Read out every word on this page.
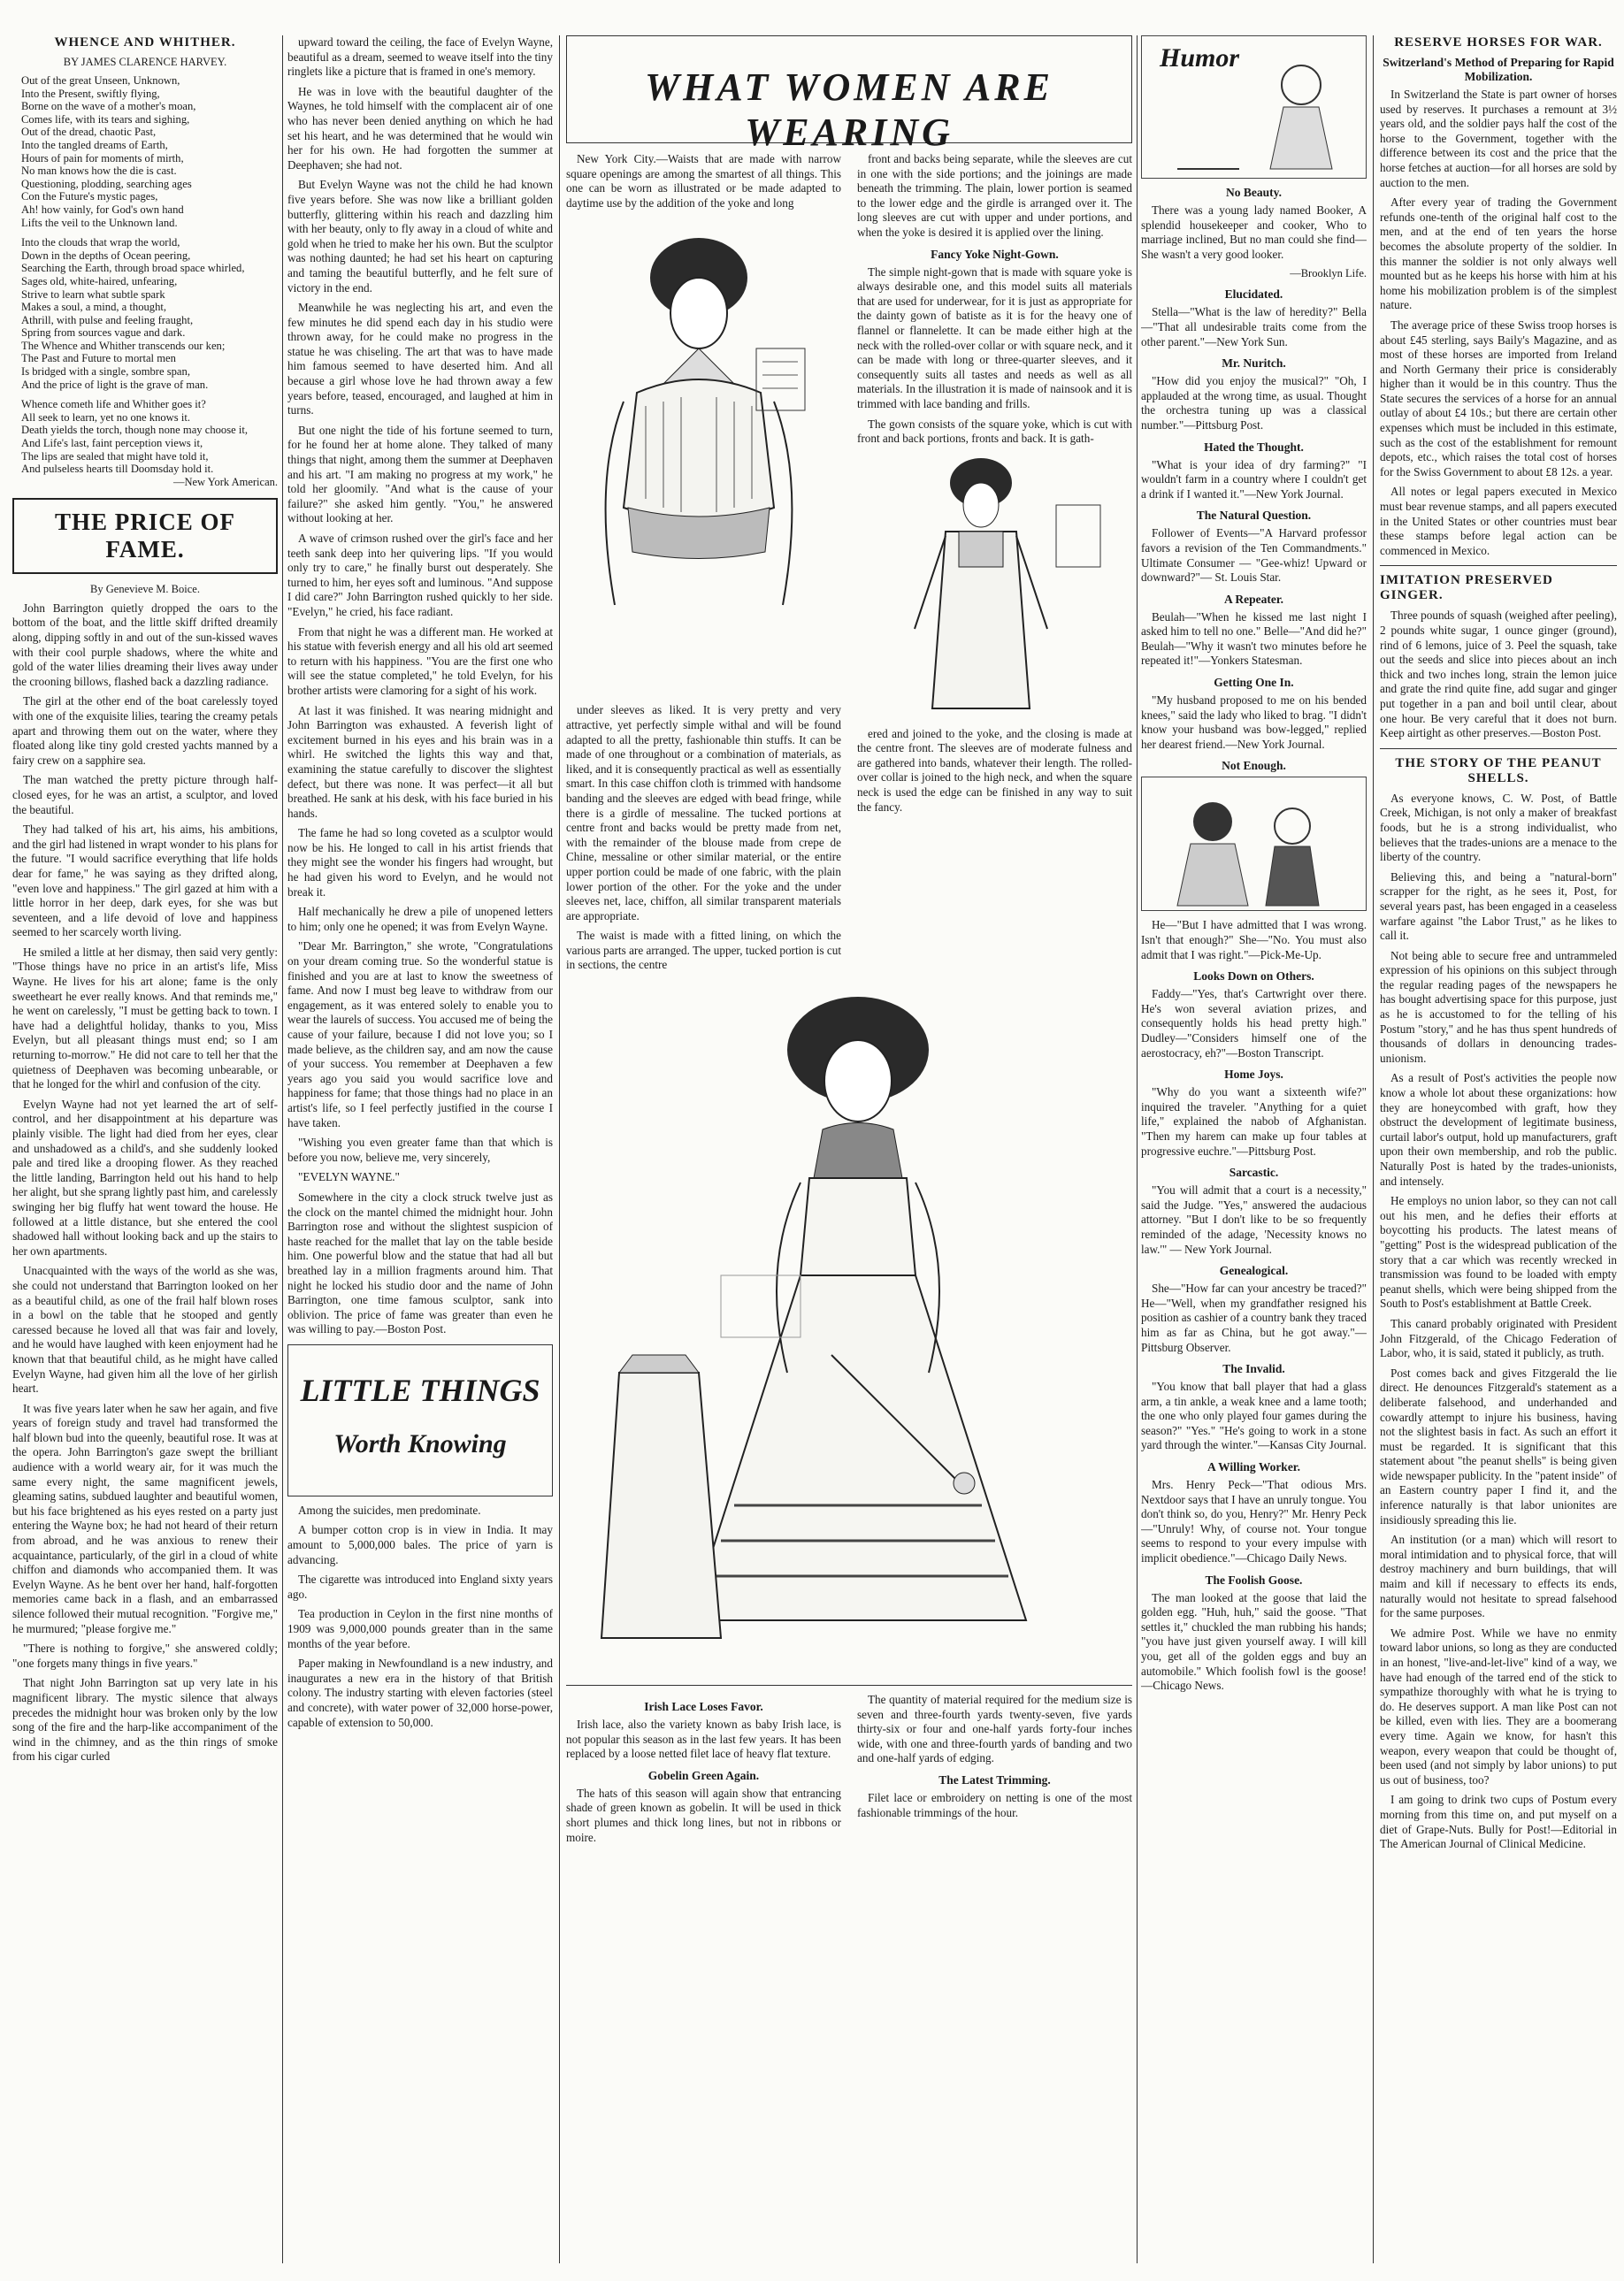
WHENCE AND WHITHER.
BY JAMES CLARENCE HARVEY.

Out of the great Unseen, Unknown,

Into the Present, swiftly flying,

Borne on the wave of a mother's moan,

Comes life, with its tears and sighing,

Out of the dread, chaotic Past,

Into the tangled dreams of Earth,

Hours of pain for moments of mirth,

No man knows how the die is cast.

Questioning, plodding, searching ages

Con the Future's mystic pages,

Ah! how vainly, for God's own hand

Lifts the veil to the Unknown land.

Into the clouds that wrap the world,

Down in the depths of Ocean peering,

Searching the Earth, through broad space whirled,

Sages old, white-haired, unfearing,

Strive to learn what subtle spark

Makes a soul, a mind, a thought,

Athrill, with pulse and feeling fraught,

Spring from sources vague and dark.

The Whence and Whither transcends our ken;

The Past and Future to mortal men

Is bridged with a single, sombre span,

And the price of light is the grave of man.

Whence cometh life and Whither goes it?

All seek to learn, yet no one knows it.

Death yields the torch, though none may choose it,

And Life's last, faint perception views it,

The lips are sealed that might have told it,

And pulseless hearts till Doomsday hold it.

—New York American.
THE PRICE OF FAME.
By Genevieve M. Boice.

John Barrington quietly dropped the oars to the bottom of the boat, and the little skiff drifted dreamily along, dipping softly in and out of the sun-kissed waves with their cool purple shadows, where the white and gold of the water lilies dreaming their lives away under the crooning billows, flashed back a dazzling radiance.

The girl at the other end of the boat carelessly toyed with one of the exquisite lilies, tearing the creamy petals apart and throwing them out on the water, where they floated along like tiny gold crested yachts manned by a fairy crew on a sapphire sea.

The man watched the pretty picture through half-closed eyes, for he was an artist, a sculptor, and loved the beautiful.

They had talked of his art, his aims, his ambitions, and the girl had listened in wrapt wonder to his plans for the future. "I would sacrifice everything that life holds dear for fame," he was saying as they drifted along, "even love and happiness." The girl gazed at him with a little horror in her deep, dark eyes, for she was but seventeen, and a life devoid of love and happiness seemed to her scarcely worth living.

He smiled a little at her dismay, then said very gently: "Those things have no price in an artist's life, Miss Wayne. He lives for his art alone; fame is the only sweetheart he ever really knows. And that reminds me," he went on carelessly, "I must be getting back to town. I have had a delightful holiday, thanks to you, Miss Evelyn, but all pleasant things must end; so I am returning to-morrow." He did not care to tell her that the quietness of Deephaven was becoming unbearable, or that he longed for the whirl and confusion of the city.

Evelyn Wayne had not yet learned the art of self-control, and her disappointment at his departure was plainly visible. The light had died from her eyes, clear and unshadowed as a child's, and she suddenly looked pale and tired like a drooping flower. As they reached the little landing, Barrington held out his hand to help her alight, but she sprang lightly past him, and carelessly swinging her big fluffy hat went toward the house. He followed at a little distance, but she entered the cool shadowed hall without looking back and up the stairs to her own apartments.

Unacquainted with the ways of the world as she was, she could not understand that Barrington looked on her as a beautiful child, as one of the frail half blown roses in a bowl on the table that he stooped and gently caressed because he loved all that was fair and lovely, and he would have laughed with keen enjoyment had he known that that beautiful child, as he might have called Evelyn Wayne, had given him all the love of her girlish heart.

It was five years later when he saw her again, and five years of foreign study and travel had transformed the half blown bud into the queenly, beautiful rose. It was at the opera. John Barrington's gaze swept the brilliant audience with a world weary air, for it was much the same every night, the same magnificent jewels, gleaming satins, subdued laughter and beautiful women, but his face brightened as his eyes rested on a party just entering the Wayne box; he had not heard of their return from abroad, and he was anxious to renew their acquaintance, particularly, of the girl in a cloud of white chiffon and diamonds who accompanied them. It was Evelyn Wayne. As he bent over her hand, half-forgotten memories came back in a flash, and an embarrassed silence followed their mutual recognition. "Forgive me," he murmured; "please forgive me."

"There is nothing to forgive," she answered coldly; "one forgets many things in five years."

That night John Barrington sat up very late in his magnificent library. The mystic silence that always precedes the midnight hour was broken only by the low song of the fire and the harp-like accompaniment of the wind in the chimney, and as the thin rings of smoke from his cigar curled

upward toward the ceiling, the face of Evelyn Wayne, beautiful as a dream, seemed to weave itself into the tiny ringlets like a picture that is framed in one's memory.

He was in love with the beautiful daughter of the Waynes, he told himself with the complacent air of one who has never been denied anything on which he had set his heart, and he was determined that he would win her for his own. He had forgotten the summer at Deephaven; she had not.

But Evelyn Wayne was not the child he had known five years before. She was now like a brilliant golden butterfly, glittering within his reach and dazzling him with her beauty, only to fly away in a cloud of white and gold when he tried to make her his own. But the sculptor was nothing daunted; he had set his heart on capturing and taming the beautiful butterfly, and he felt sure of victory in the end.

Meanwhile he was neglecting his art, and even the few minutes he did spend each day in his studio were thrown away, for he could make no progress in the statue he was chiseling. The art that was to have made him famous seemed to have deserted him. And all because a girl whose love he had thrown away a few years before, teased, encouraged, and laughed at him in turns.

But one night the tide of his fortune seemed to turn, for he found her at home alone. They talked of many things that night, among them the summer at Deephaven and his art. "I am making no progress at my work," he told her gloomily. "And what is the cause of your failure?" she asked him gently. "You," he answered without looking at her.

A wave of crimson rushed over the girl's face and her teeth sank deep into her quivering lips. "If you would only try to care," he finally burst out desperately. She turned to him, her eyes soft and luminous. "And suppose I did care?" John Barrington rushed quickly to her side. "Evelyn," he cried, his face radiant.

From that night he was a different man. He worked at his statue with feverish energy and all his old art seemed to return with his happiness. "You are the first one who will see the statue completed," he told Evelyn, for his brother artists were clamoring for a sight of his work.

At last it was finished. It was nearing midnight and John Barrington was exhausted. A feverish light of excitement burned in his eyes and his brain was in a whirl. He switched the lights this way and that, examining the statue carefully to discover the slightest defect, but there was none. It was perfect—it all but breathed. He sank at his desk, with his face buried in his hands.

The fame he had so long coveted as a sculptor would now be his. He longed to call in his artist friends that they might see the wonder his fingers had wrought, but he had given his word to Evelyn, and he would not break it.

Half mechanically he drew a pile of unopened letters to him; only one he opened; it was from Evelyn Wayne.

"Dear Mr. Barrington," she wrote, "Congratulations on your dream coming true. So the wonderful statue is finished and you are at last to know the sweetness of fame. And now I must beg leave to withdraw from our engagement, as it was entered solely to enable you to wear the laurels of success. You accused me of being the cause of your failure, because I did not love you; so I made believe, as the children say, and am now the cause of your success. You remember at Deephaven a few years ago you said you would sacrifice love and happiness for fame; that those things had no place in an artist's life, so I feel perfectly justified in the course I have taken.

"Wishing you even greater fame than that which is before you now, believe me, very sincerely,

"EVELYN WAYNE."

Somewhere in the city a clock struck twelve just as the clock on the mantel chimed the midnight hour. John Barrington rose and without the slightest suspicion of haste reached for the mallet that lay on the table beside him. One powerful blow and the statue that had all but breathed lay in a million fragments around him. That night he locked his studio door and the name of John Barrington, one time famous sculptor, sank into oblivion. The price of fame was greater than even he was willing to pay.—Boston Post.

LITTLE THINGS
Worth Knowing

Among the suicides, men predominate.

A bumper cotton crop is in view in India. It may amount to 5,000,000 bales. The price of yarn is advancing.

The cigarette was introduced into England sixty years ago.

Tea production in Ceylon in the first nine months of 1909 was 9,000,000 pounds greater than in the same months of the year before.

Paper making in Newfoundland is a new industry, and inaugurates a new era in the history of that British colony. The industry starting with eleven factories (steel and concrete), with water power of 32,000 horse-power, capable of extension to 50,000.

WHAT WOMEN ARE WEARING

New York City.—Waists that are made with narrow square openings are among the smartest of all things. This one can be worn as illustrated or be made adapted to daytime use by the addition of the yoke and long

under sleeves as liked. It is very pretty and very attractive, yet perfectly simple withal and will be found adapted to all the pretty, fashionable thin stuffs. It can be made of one throughout or a combination of materials, as liked, and it is consequently practical as well as essentially smart. In this case chiffon cloth is trimmed with handsome banding and the sleeves are edged with bead fringe, while there is a girdle of messaline. The tucked portions at centre front and backs would be pretty made from net, with the remainder of the blouse made from crepe de Chine, messaline or other similar material, or the entire upper portion could be made of one fabric, with the plain lower portion of the other. For the yoke and the under sleeves net, lace, chiffon, all similar transparent materials are appropriate.

The waist is made with a fitted lining, on which the various parts are arranged. The upper, tucked portion is cut in sections, the centre

front and backs being separate, while the sleeves are cut in one with the side portions; and the joinings are made beneath the trimming. The plain, lower portion is seamed to the lower edge and the girdle is arranged over it. The long sleeves are cut with upper and under portions, and when the yoke is desired it is applied over the lining.

Fancy Yoke Night-Gown.

The simple night-gown that is made with square yoke is always desirable one, and this model suits all materials that are used for underwear, for it is just as appropriate for the dainty gown of batiste as it is for the heavy one of flannel or flannelette. It can be made either high at the neck with the rolled-over collar or with square neck, and it can be made with long or three-quarter sleeves, and it consequently suits all tastes and needs as well as all materials. In the illustration it is made of nainsook and it is trimmed with lace banding and frills.

The gown consists of the square yoke, which is cut with front and back portions, fronts and back. It is gath-

ered and joined to the yoke, and the closing is made at the centre front. The sleeves are of moderate fulness and are gathered into bands, whatever their length. The rolled-over collar is joined to the high neck, and when the square neck is used the edge can be finished in any way to suit the fancy.

Irish Lace Loses Favor.

Irish lace, also the variety known as baby Irish lace, is not popular this season as in the last few years. It has been replaced by a loose netted filet lace of heavy flat texture.

Gobelin Green Again.

The hats of this season will again show that entrancing shade of green known as gobelin. It will be used in thick short plumes and thick long lines, but not in ribbons or moire.

The quantity of material required for the medium size is seven and three-fourth yards twenty-seven, five yards thirty-six or four and one-half yards forty-four inches wide, with one and three-fourth yards of banding and two and one-half yards of edging.

The Latest Trimming.

Filet lace or embroidery on netting is one of the most fashionable trimmings of the hour.

Humor
No Beauty.

There was a young lady named Booker, A splendid housekeeper and cooker, Who to marriage inclined, But no man could she find— She wasn't a very good looker.

—Brooklyn Life.
Elucidated.

Stella—"What is the law of heredity?" Bella—"That all undesirable traits come from the other parent."—New York Sun.

Mr. Nuritch.

"How did you enjoy the musical?" "Oh, I applauded at the wrong time, as usual. Thought the orchestra tuning up was a classical number."—Pittsburg Post.

Hated the Thought.

"What is your idea of dry farming?" "I wouldn't farm in a country where I couldn't get a drink if I wanted it."—New York Journal.

The Natural Question.

Follower of Events—"A Harvard professor favors a revision of the Ten Commandments." Ultimate Consumer — "Gee-whiz! Upward or downward?"— St. Louis Star.

A Repeater.

Beulah—"When he kissed me last night I asked him to tell no one." Belle—"And did he?" Beulah—"Why it wasn't two minutes before he repeated it!"—Yonkers Statesman.

Getting One In.

"My husband proposed to me on his bended knees," said the lady who liked to brag. "I didn't know your husband was bow-legged," replied her dearest friend.—New York Journal.

Not Enough.

He—"But I have admitted that I was wrong. Isn't that enough?" She—"No. You must also admit that I was right."—Pick-Me-Up.

Looks Down on Others.

Faddy—"Yes, that's Cartwright over there. He's won several aviation prizes, and consequently holds his head pretty high." Dudley—"Considers himself one of the aerostocracy, eh?"—Boston Transcript.

Home Joys.

"Why do you want a sixteenth wife?" inquired the traveler. "Anything for a quiet life," explained the nabob of Afghanistan. "Then my harem can make up four tables at progressive euchre."—Pittsburg Post.

Sarcastic.

"You will admit that a court is a necessity," said the Judge. "Yes," answered the audacious attorney. "But I don't like to be so frequently reminded of the adage, 'Necessity knows no law.'" — New York Journal.

Genealogical.

She—"How far can your ancestry be traced?" He—"Well, when my grandfather resigned his position as cashier of a country bank they traced him as far as China, but he got away."—Pittsburg Observer.

The Invalid.

"You know that ball player that had a glass arm, a tin ankle, a weak knee and a lame tooth; the one who only played four games during the season?" "Yes." "He's going to work in a stone yard through the winter."—Kansas City Journal.

A Willing Worker.

Mrs. Henry Peck—"That odious Mrs. Nextdoor says that I have an unruly tongue. You don't think so, do you, Henry?" Mr. Henry Peck—"Unruly! Why, of course not. Your tongue seems to respond to your every impulse with implicit obedience."—Chicago Daily News.

The Foolish Goose.

The man looked at the goose that laid the golden egg. "Huh, huh," said the goose. "That settles it," chuckled the man rubbing his hands; "you have just given yourself away. I will kill you, get all of the golden eggs and buy an automobile." Which foolish fowl is the goose!—Chicago News.

RESERVE HORSES FOR WAR.
Switzerland's Method of Preparing for Rapid Mobilization.

In Switzerland the State is part owner of horses used by reserves. It purchases a remount at 3½ years old, and the soldier pays half the cost of the horse to the Government, together with the difference between its cost and the price that the horse fetches at auction—for all horses are sold by auction to the men.

After every year of trading the Government refunds one-tenth of the original half cost to the men, and at the end of ten years the horse becomes the absolute property of the soldier. In this manner the soldier is not only always well mounted but as he keeps his horse with him at his home his mobilization problem is of the simplest nature.

The average price of these Swiss troop horses is about £45 sterling, says Baily's Magazine, and as most of these horses are imported from Ireland and North Germany their price is considerably higher than it would be in this country. Thus the State secures the services of a horse for an annual outlay of about £4 10s.; but there are certain other expenses which must be included in this estimate, such as the cost of the establishment for remount depots, etc., which raises the total cost of horses for the Swiss Government to about £8 12s. a year.

All notes or legal papers executed in Mexico must bear revenue stamps, and all papers executed in the United States or other countries must bear these stamps before legal action can be commenced in Mexico.

IMITATION PRESERVED GINGER.

Three pounds of squash (weighed after peeling), 2 pounds white sugar, 1 ounce ginger (ground), rind of 6 lemons, juice of 3. Peel the squash, take out the seeds and slice into pieces about an inch thick and two inches long, strain the lemon juice and grate the rind quite fine, add sugar and ginger put together in a pan and boil until clear, about one hour. Be very careful that it does not burn. Keep airtight as other preserves.—Boston Post.

THE STORY OF THE PEANUT SHELLS.

As everyone knows, C. W. Post, of Battle Creek, Michigan, is not only a maker of breakfast foods, but he is a strong individualist, who believes that the trades-unions are a menace to the liberty of the country.

Believing this, and being a "natural-born" scrapper for the right, as he sees it, Post, for several years past, has been engaged in a ceaseless warfare against "the Labor Trust," as he likes to call it.

Not being able to secure free and untrammeled expression of his opinions on this subject through the regular reading pages of the newspapers he has bought advertising space for this purpose, just as he is accustomed to for the telling of his Postum "story," and he has thus spent hundreds of thousands of dollars in denouncing trades-unionism.

As a result of Post's activities the people now know a whole lot about these organizations: how they are honeycombed with graft, how they obstruct the development of legitimate business, curtail labor's output, hold up manufacturers, graft upon their own membership, and rob the public. Naturally Post is hated by the trades-unionists, and intensely.

He employs no union labor, so they can not call out his men, and he defies their efforts at boycotting his products. The latest means of "getting" Post is the widespread publication of the story that a car which was recently wrecked in transmission was found to be loaded with empty peanut shells, which were being shipped from the South to Post's establishment at Battle Creek.

This canard probably originated with President John Fitzgerald, of the Chicago Federation of Labor, who, it is said, stated it publicly, as truth.

Post comes back and gives Fitzgerald the lie direct. He denounces Fitzgerald's statement as a deliberate falsehood, and underhanded and cowardly attempt to injure his business, having not the slightest basis in fact. As such an effort it must be regarded. It is significant that this statement about "the peanut shells" is being given wide newspaper publicity. In the "patent inside" of an Eastern country paper I find it, and the inference naturally is that labor unionites are insidiously spreading this lie.

An institution (or a man) which will resort to moral intimidation and to physical force, that will destroy machinery and burn buildings, that will maim and kill if necessary to effects its ends, naturally would not hesitate to spread falsehood for the same purposes.

We admire Post. While we have no enmity toward labor unions, so long as they are conducted in an honest, "live-and-let-live" kind of a way, we have had enough of the tarred end of the stick to sympathize thoroughly with what he is trying to do. He deserves support. A man like Post can not be killed, even with lies. They are a boomerang every time. Again we know, for hasn't this weapon, every weapon that could be thought of, been used (and not simply by labor unions) to put us out of business, too?

I am going to drink two cups of Postum every morning from this time on, and put myself on a diet of Grape-Nuts. Bully for Post!—Editorial in The American Journal of Clinical Medicine.
